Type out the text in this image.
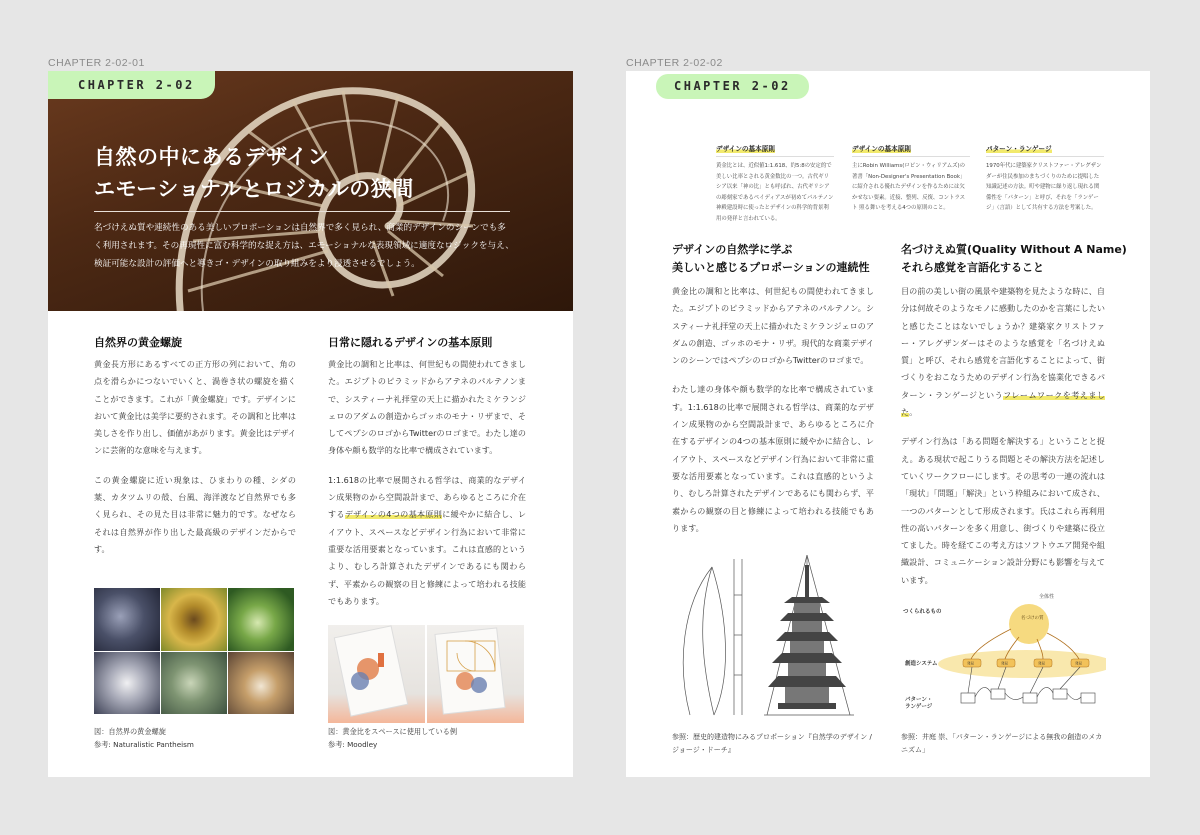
CHAPTER 2-02-01	CHAPTER 2-02-02
自然の中にあるデザイン
エモーショナルとロジカルの狭間
名づけえぬ質や連続性のある美しいプロポーションは自然界で多く見られ、商業的デザインのシーンでも多く利用されます。その再現性に富む科学的な捉え方は、エモーショナルな表現領域に適度なロジックを与え、検証可能な設計の評価へと導きゴ・デザインの取り組みをより浸透させるでしょう。
CHAPTER 2-02
自然界の黄金螺旋

黄金長方形にあるすべての正方形の列において、角の点を滑らかにつないでいくと、渦巻き状の螺旋を描くことができます。これが「黄金螺旋」です。デザインにおいて黄金比は美学に要約されます。その調和と比率は美しさを作り出し、価値があがります。黄金比はデザインに芸術的な意味を与えます。

この黄金螺旋に近い現象は、ひまわりの種、シダの葉、カタツムリの殻、台風、海洋渡など自然界でも多く見られ、その見た目は非常に魅力的です。なぜならそれは自然界が作り出した最高級のデザインだからです。

図：自然界の黄金螺旋
参考: Naturalistic Pantheism
日常に隠れるデザインの基本原則

黄金比の調和と比率は、何世紀もの間使われてきました。エジプトのピラミッドからアテネのパルテノンまで、システィーナ礼拝堂の天上に描かれたミケランジェロのアダムの創造からゴッホのモナ・リザまで、そしてペプシのロゴからTwitterのロゴまで。わたし達の身体や顔も数学的な比率で構成されています。

1:1.618の比率で展開される哲学は、商業的なデザイン成果物のから空間設計まで、あらゆるところに介在するデザインの4つの基本原則に緩やかに結合し、レイアウト、スペースなどデザイン行為において非常に重要な活用要素となっています。これは直感的というより、むしろ計算されたデザインであるにも関わらず、平素からの観察の目と修練によって培われる技能でもあります。

図：黄金比をスペースに使用している例
参考: Moodley
CHAPTER 2-02
デザインの基本原則
黄金比とは、近似値1:1.618、約5:8の安定的で美しい比率とされる黄金数比の一つ。古代ギリシア以来「神の比」とも呼ばれ、古代ギリシアの彫刻家であるペイディアスが初めてパルテノン神殿建設時に使ったとデザインの科学的背景利用の発祥と言われている。
デザインの基本原則
主にRobin Williams(ロビン・ウィリアムズ)の著書「Non-Designer's Presentation Book」に紹介される優れたデザインを作るためには欠かせない要素。近接、整列、反復、コントラスト 照る舞いを考える4つの原則のこと。
パターン・ランゲージ
1970年代に建築家クリストファー・アレグザンダーが住民参加のまちづくりのために提唱した知識記述の方法。町や建物に繰り返し現れる関係性を「パターン」と呼び、それを「ランゲージ」（言語）として共有する方法を考案した。
デザインの自然学に学ぶ
美しいと感じるプロポーションの連続性

黄金比の調和と比率は、何世紀もの間使われてきました。エジプトのピラミッドからアテネのパルテノン。システィーナ礼拝堂の天上に描かれたミケランジェロのアダムの創造、ゴッホのモナ・リザ。現代的な商業デザインのシーンではペプシのロゴからTwitterのロゴまで。

わたし達の身体や顔も数学的な比率で構成されています。1:1.618の比率で展開される哲学は、商業的なデザイン成果物のから空間設計まで、あらゆるところに介在するデザインの4つの基本原則に緩やかに結合し、レイアウト、スペースなどデザイン行為において非常に重要な活用要素となっています。これは直感的というより、むしろ計算されたデザインであるにも関わらず、平素からの観察の目と修練によって培われる技能でもあります。

参照：歴史的建造物にみるプロポーション『自然学のデザイン / ジョージ・ドーチ』
名づけえぬ質(Quality Without A Name)
それら感覚を言語化すること

目の前の美しい街の風景や建築物を見たような時に、自分は何故そのようなモノに感動したのかを言葉にしたいと感じたことはないでしょうか？建築家クリストファー・アレグザンダーはそのような感覚を「名づけえぬ質」と呼び、それら感覚を言語化することによって、街づくりをおこなうためのデザイン行為を協業化できるパターン・ランゲージというフレームワークを考えました。

デザイン行為は「ある問題を解決する」ということと捉え。ある現状で起こりうる問題とその解決方法を記述していくワークフローにします。その思考の一連の流れは「現状」「問題」「解決」という枠組みにおいて成され、一つのパターンとして形成されます。氏はこれら再利用性の高いパターンを多く用意し、街づくりや建築に役立てました。時を経てこの考え方はソフトウエア開発や組織設計、コミュニケーション設計分野にも影響を与えています。

全体性
つくられるもの
創造システム
パターン・ランゲージ
名づけの質
発見	発見	発見	発見
参照：井庭 崇、「パターン・ランゲージによる無我の創造のメカニズム」
